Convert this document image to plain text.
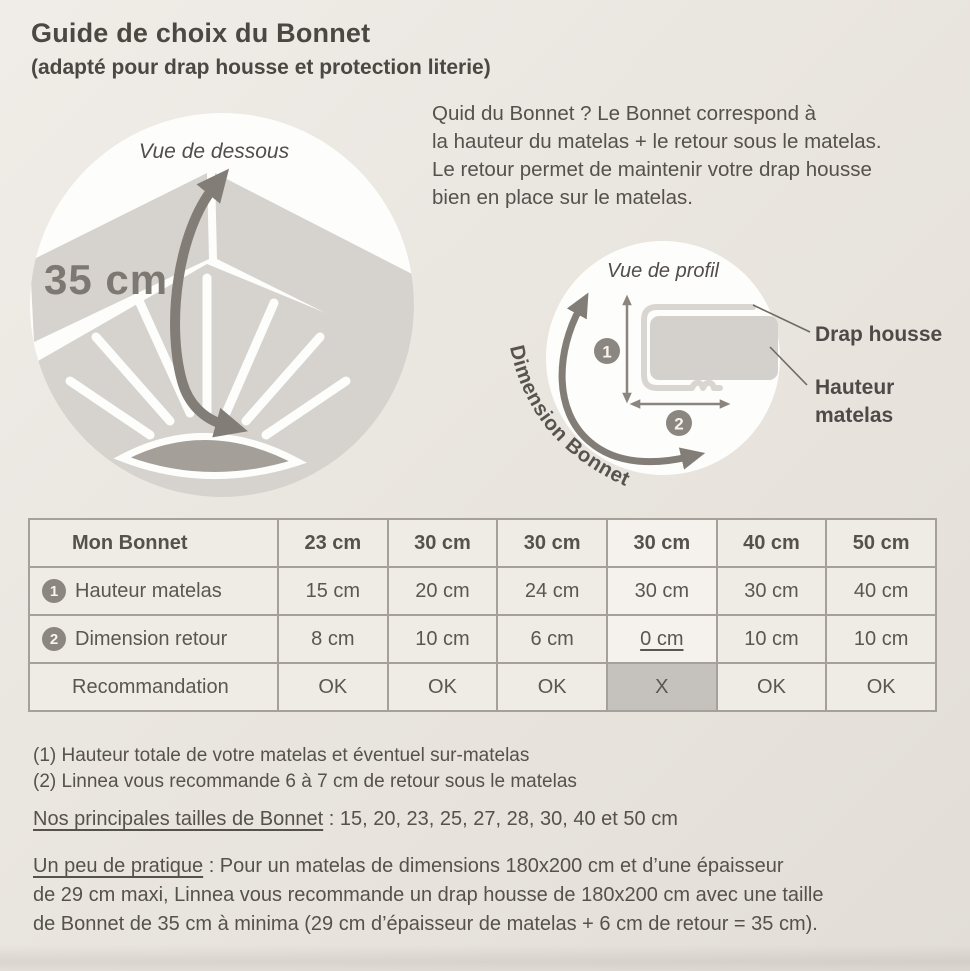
Guide de choix du Bonnet
(adapté pour drap housse et protection literie)
Quid du Bonnet ? Le Bonnet correspond à
la hauteur du matelas + le retour sous le matelas.
Le retour permet de maintenir votre drap housse
bien en place sur le matelas.
Vue de dessous
35 cm
1
2
Dimension Bonnet
Vue de profil
Drap housse
Hauteur
matelas
Mon Bonnet	23 cm	30 cm	30 cm	30 cm	40 cm	50 cm
1 Hauteur matelas	15 cm	20 cm	24 cm	30 cm	30 cm	40 cm
2 Dimension retour	8 cm	10 cm	6 cm	0 cm	10 cm	10 cm
Recommandation	OK	OK	OK	X	OK	OK
(1) Hauteur totale de votre matelas et éventuel sur-matelas
(2) Linnea vous recommande 6 à 7 cm de retour sous le matelas
Nos principales tailles de Bonnet : 15, 20, 23, 25, 27, 28, 30, 40 et 50 cm
Un peu de pratique : Pour un matelas de dimensions 180x200 cm et d’une épaisseur
de 29 cm maxi, Linnea vous recommande un drap housse de 180x200 cm avec une taille
de Bonnet de 35 cm à minima (29 cm d’épaisseur de matelas + 6 cm de retour = 35 cm).
